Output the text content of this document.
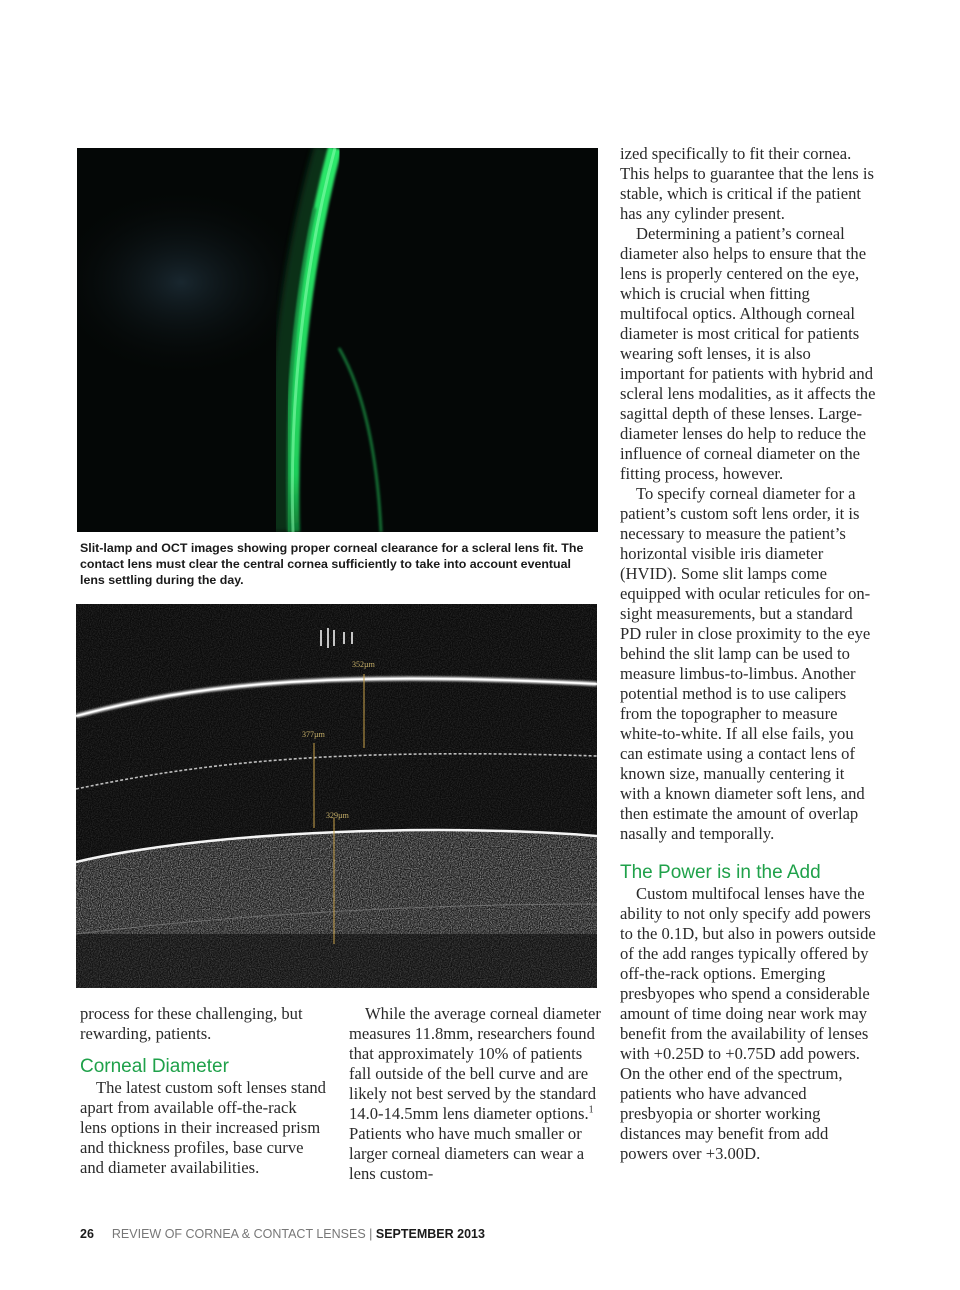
Slit-lamp and OCT images showing proper corneal clearance for a scleral lens fit. The contact lens must clear the central cornea sufficiently to take into account eventual lens settling during the day.

352µm
377µm
329µm

process for these challenging, but rewarding, patients.

Corneal Diameter

The latest custom soft lenses stand apart from available off-the-rack lens options in their increased prism and thickness profiles, base curve and diameter availabilities.

While the average corneal diameter measures 11.8mm, researchers found that approximately 10% of patients fall outside of the bell curve and are likely not best served by the standard 14.0-14.5mm lens diameter options.$^1$ Patients who have much smaller or larger corneal diameters can wear a lens custom-

ized specifically to fit their cornea. This helps to guarantee that the lens is stable, which is critical if the patient has any cylinder present.

Determining a patient’s corneal diameter also helps to ensure that the lens is properly centered on the eye, which is crucial when fitting multifocal optics. Although corneal diameter is most critical for patients wearing soft lenses, it is also important for patients with hybrid and scleral lens modalities, as it affects the sagittal depth of these lenses. Large-diameter lenses do help to reduce the influence of corneal diameter on the fitting process, however.

To specify corneal diameter for a patient’s custom soft lens order, it is necessary to measure the patient’s horizontal visible iris diameter (HVID). Some slit lamps come equipped with ocular reticules for on-sight measurements, but a standard PD ruler in close proximity to the eye behind the slit lamp can be used to measure limbus-to-limbus. Another potential method is to use calipers from the topographer to measure white-to-white. If all else fails, you can estimate using a contact lens of known size, manually centering it with a known diameter soft lens, and then estimate the amount of overlap nasally and temporally.

The Power is in the Add

Custom multifocal lenses have the ability to not only specify add powers to the 0.1D, but also in powers outside of the add ranges typically offered by off-the-rack options. Emerging presbyopes who spend a considerable amount of time doing near work may benefit from the availability of lenses with +0.25D to +0.75D add powers. On the other end of the spectrum, patients who have advanced presbyopia or shorter working distances may benefit from add powers over +3.00D.

26 REVIEW OF CORNEA & CONTACT LENSES | SEPTEMBER 2013
